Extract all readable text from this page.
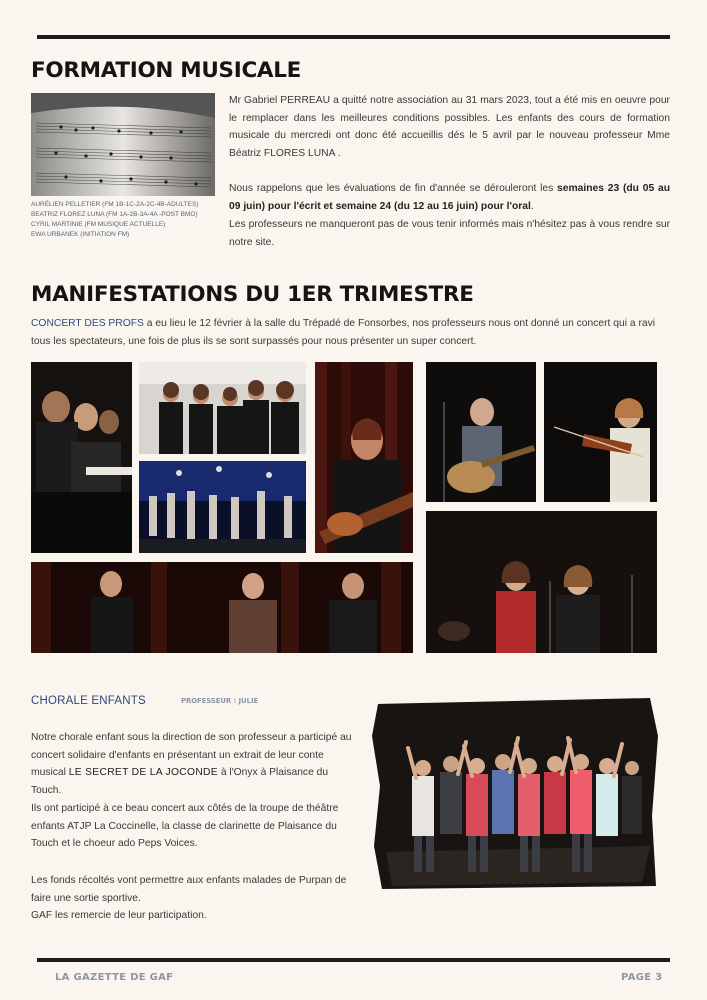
FORMATION MUSICALE
AURÉLIEN PELLETIER (FM 1B-1C-2A-2C-4B-ADULTES)
BEATRIZ FLOREZ LUNA (FM 1A-2B-3A-4A -POST BMO)
CYRIL MARTINIE (FM MUSIQUE ACTUELLE)
EWA URBANEK (INITIATION FM)

Mr Gabriel PERREAU a quitté notre association au 31 mars 2023, tout a été mis en oeuvre pour le remplacer dans les meilleures conditions possibles. Les enfants des cours de formation musicale du mercredi ont donc été accueillis dés le 5 avril par le nouveau professeur Mme Béatriz FLORES LUNA .

Nous rappelons que les évaluations de fin d'année se dérouleront les semaines 23 (du 05 au 09 juin) pour l'écrit et semaine 24 (du 12 au 16 juin) pour l'oral.

Les professeurs ne manqueront pas de vous tenir informés mais n'hésitez pas à vous rendre sur notre site.

MANIFESTATIONS DU 1ER TRIMESTRE

CONCERT DES PROFS a eu lieu le 12 février à la salle du Trépadé de Fonsorbes, nos professeurs nous ont donné un concert qui a ravi tous les spectateurs, une fois de plus ils se sont surpassés pour nous présenter un super concert.

CHORALE ENFANTS	PROFESSEUR : JULIE

Notre chorale enfant sous la direction de son professeur a participé au concert solidaire d'enfants en présentant un extrait de leur conte musical LE SECRET DE LA JOCONDE à l'Onyx à Plaisance du Touch.

Ils ont participé à ce beau concert aux côtés de la troupe de théâtre enfants ATJP La Coccinelle, la classe de clarinette de Plaisance du Touch et le choeur ado Peps Voices.

Les fonds récoltés vont permettre aux enfants malades de Purpan de faire une sortie sportive.

GAF les remercie de leur participation.

LA GAZETTE DE GAF	PAGE 3
